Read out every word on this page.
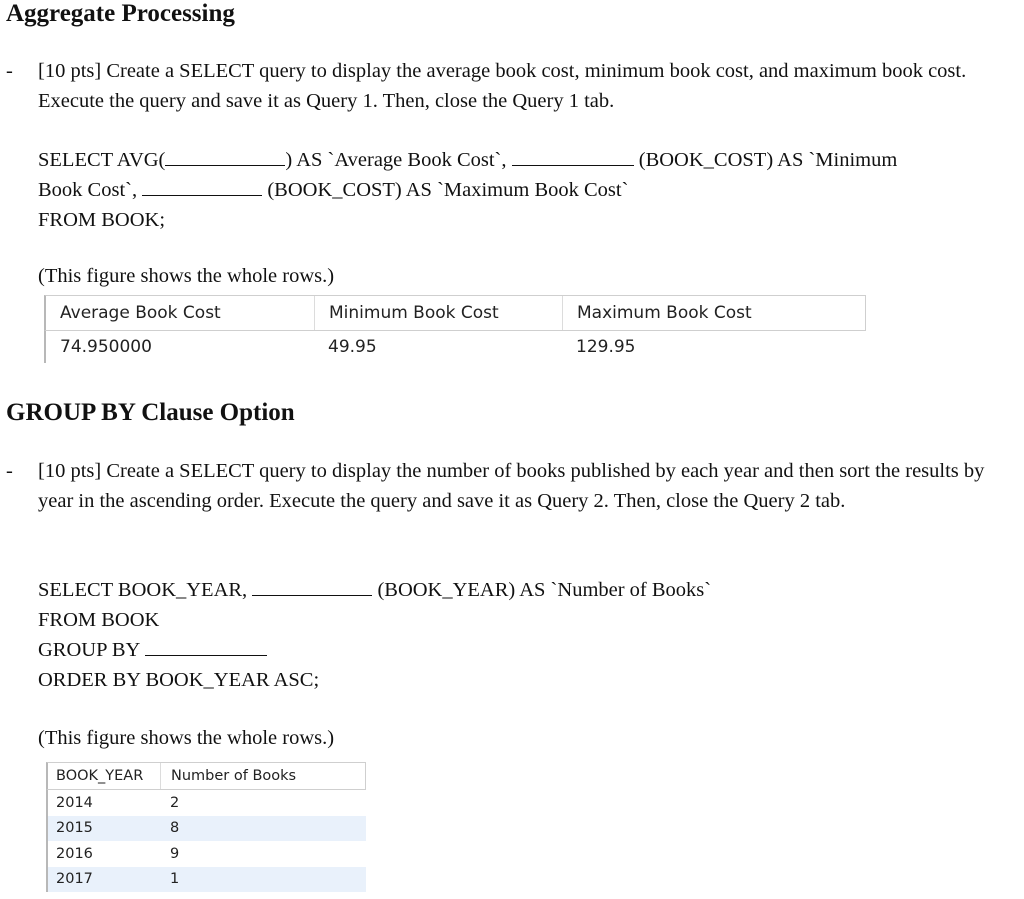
Aggregate Processing
- [10 pts] Create a SELECT query to display the average book cost, minimum book cost, and maximum book cost. Execute the query and save it as Query 1. Then, close the Query 1 tab.
SELECT AVG(	) AS `Average Book Cost`,	(BOOK_COST) AS `Minimum
Book Cost`,	(BOOK_COST) AS `Maximum Book Cost`
FROM BOOK;
(This figure shows the whole rows.)
Average Book Cost	Minimum Book Cost	Maximum Book Cost
74.950000	49.95	129.95
GROUP BY Clause Option
- [10 pts] Create a SELECT query to display the number of books published by each year and then sort the results by year in the ascending order. Execute the query and save it as Query 2. Then, close the Query 2 tab.
SELECT BOOK_YEAR,	(BOOK_YEAR) AS `Number of Books`
FROM BOOK
GROUP BY
ORDER BY BOOK_YEAR ASC;
(This figure shows the whole rows.)
BOOK_YEAR	Number of Books
2014	2
2015	8
2016	9
2017	1
